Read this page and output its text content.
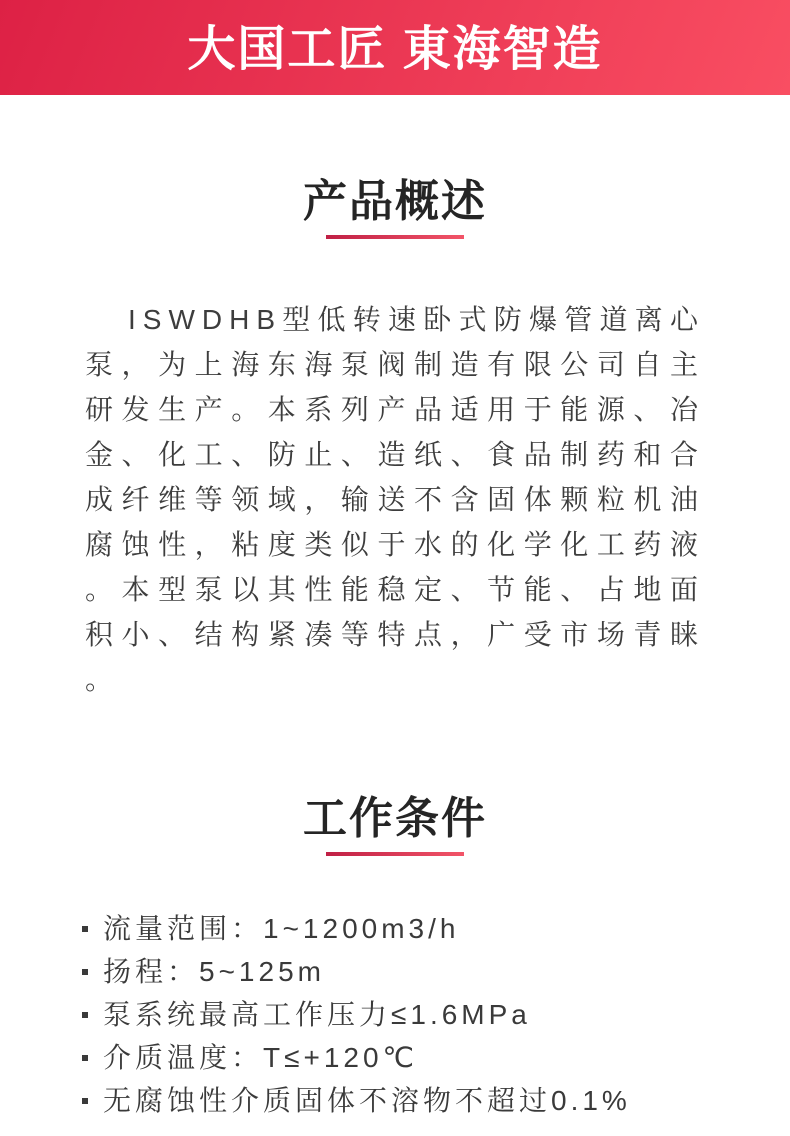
大国工匠 東海智造
产品概述

ISWDHB型低转速卧式防爆管道离心泵，为上海东海泵阀制造有限公司自主研发生产。本系列产品适用于能源、冶金、化工、防止、造纸、食品制药和合成纤维等领域，输送不含固体颗粒机油腐蚀性，粘度类似于水的化学化工药液。本型泵以其性能稳定、节能、占地面积小、结构紧凑等特点，广受市场青睐。

工作条件
流量范围：1~1200m3/h
扬程：5~125m
泵系统最高工作压力≤1.6MPa
介质温度：T≤+120℃
无腐蚀性介质固体不溶物不超过0.1%
